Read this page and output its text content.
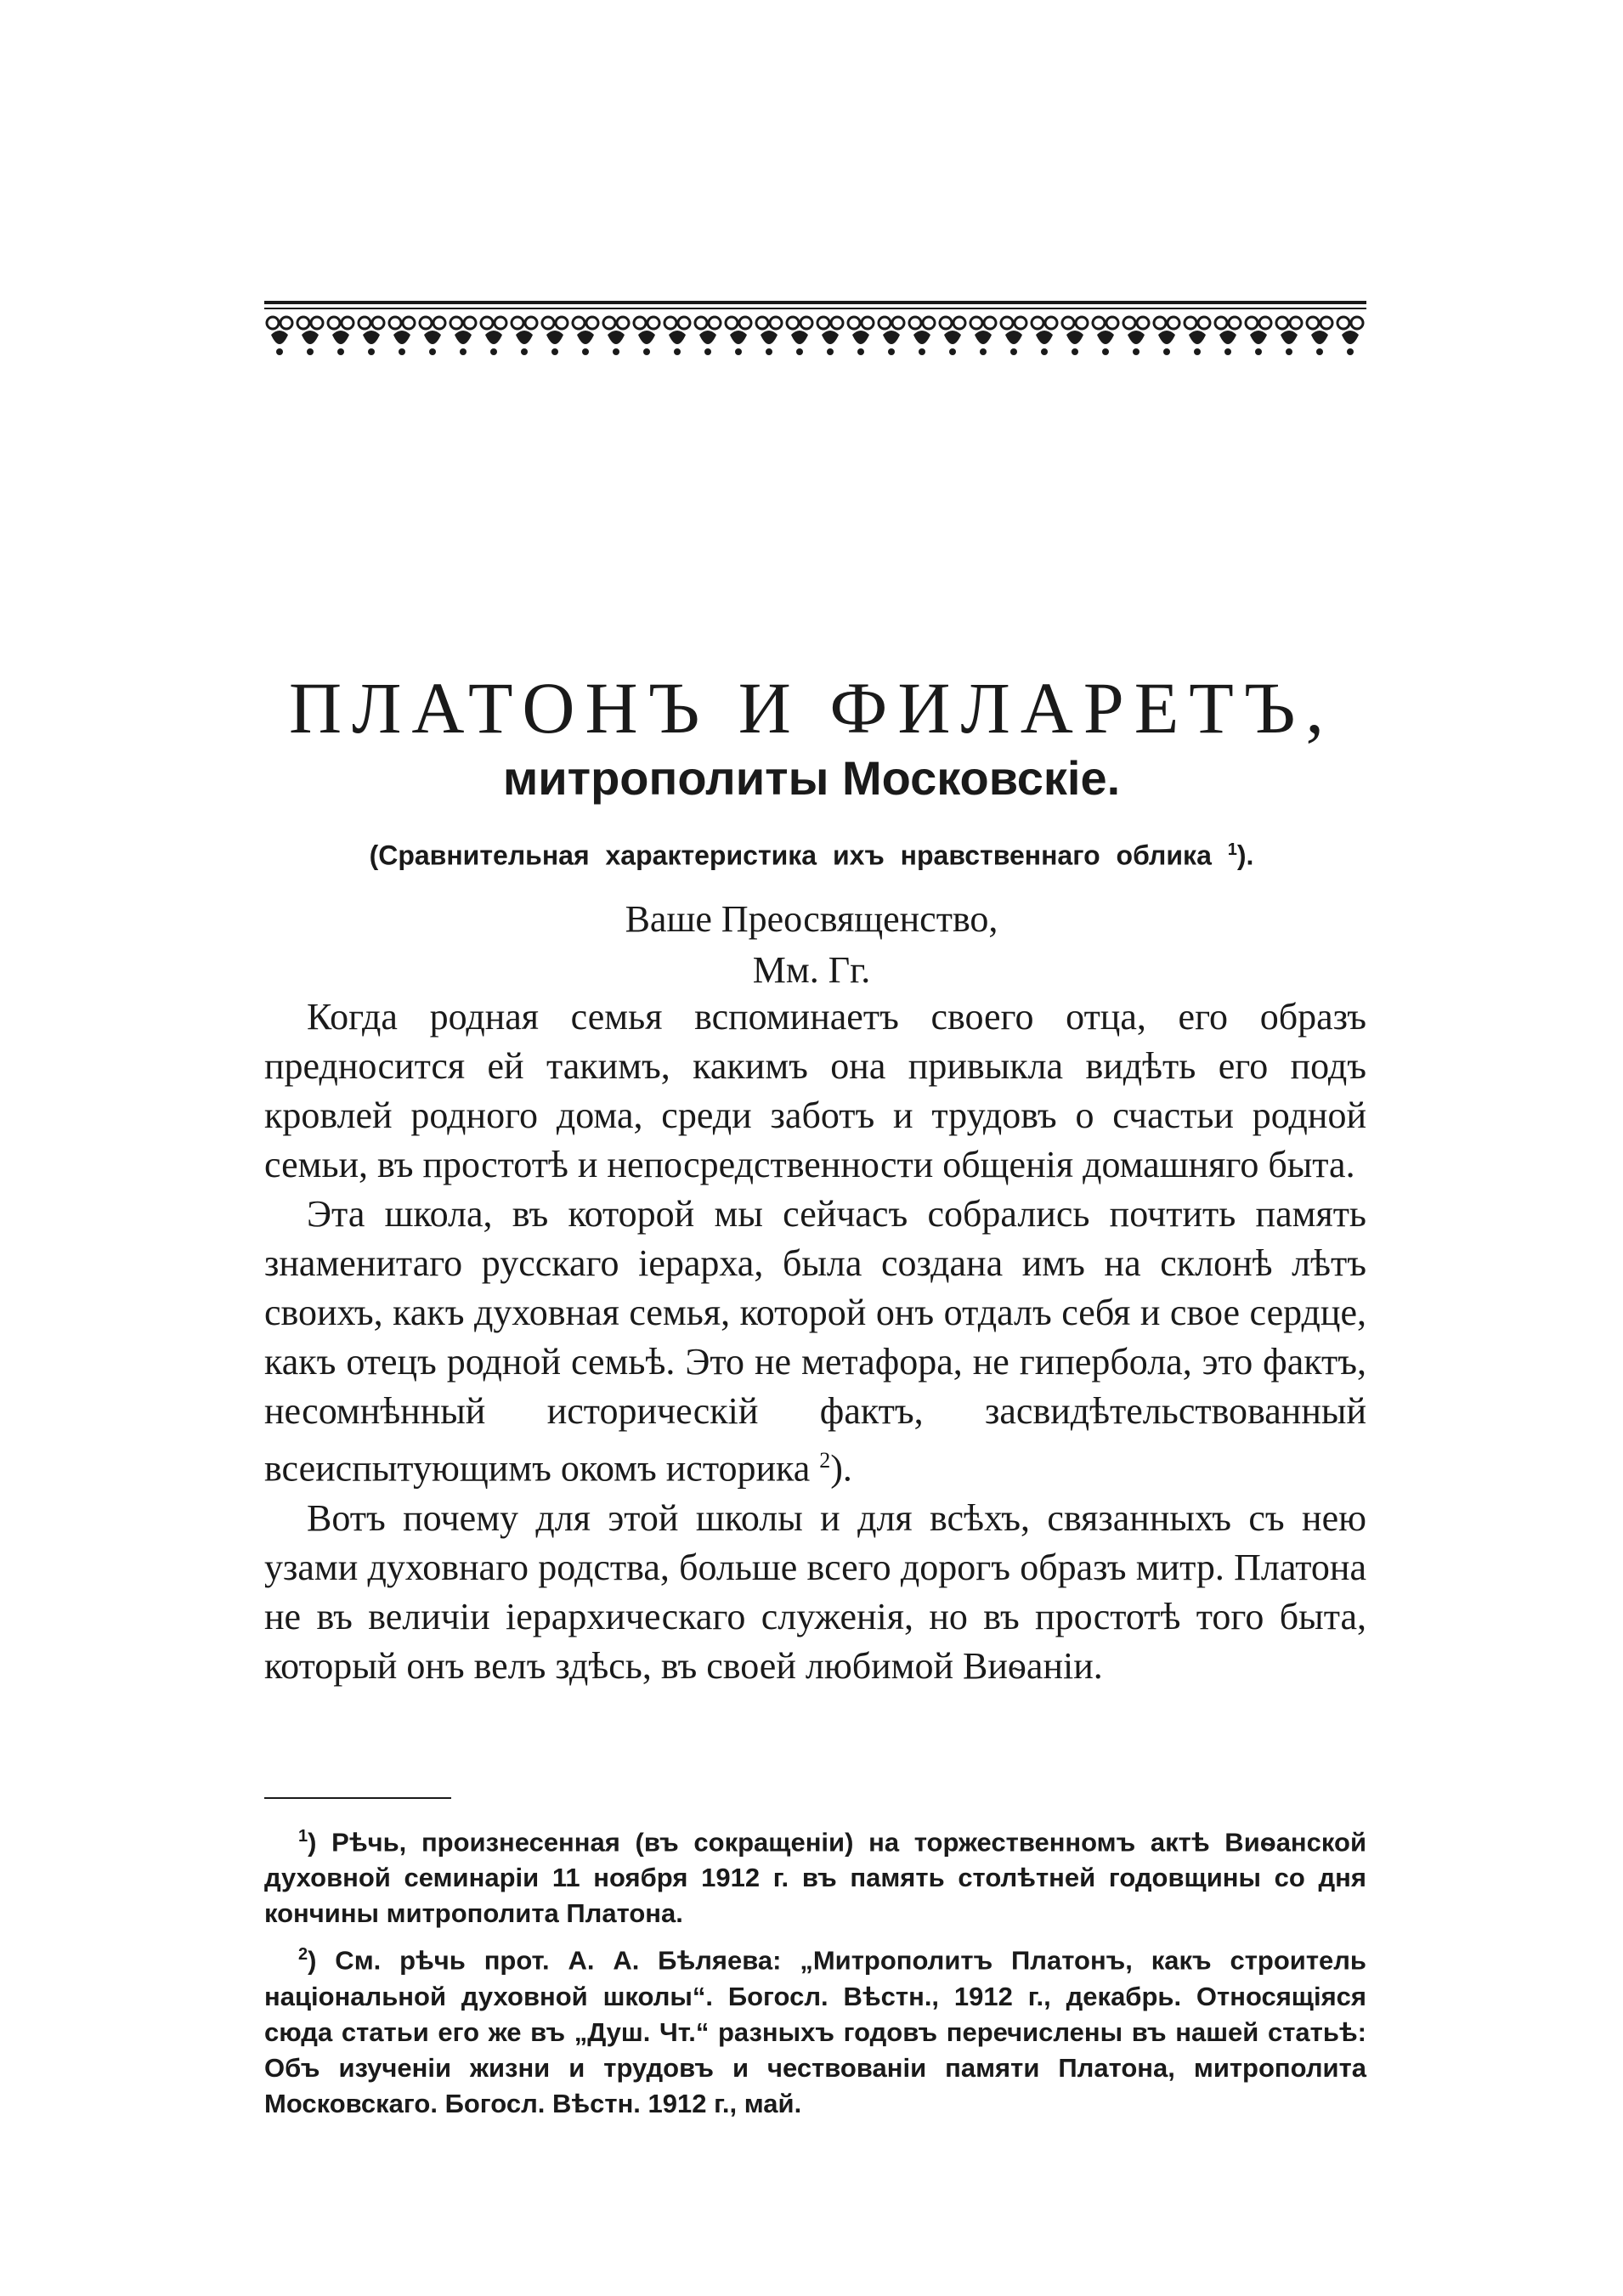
ПЛАТОНЪ И ФИЛАРЕТЪ,
митрополиты Московскіе.
(Сравнительная характеристика ихъ нравственнаго облика $^1$).
Ваше Преосвященство,
Мм. Гг.

Когда родная семья вспоминаетъ своего отца, его образъ предносится ей такимъ, какимъ она привыкла видѣть его подъ кровлей родного дома, среди заботъ и трудовъ о счастьи родной семьи, въ простотѣ и непосредственности общенія домашняго быта.

Эта школа, въ которой мы сейчасъ собрались почтить память знаменитаго русскаго іерарха, была создана имъ на склонѣ лѣтъ своихъ, какъ духовная семья, которой онъ отдалъ себя и свое сердце, какъ отецъ родной семьѣ. Это не метафора, не гипербола, это фактъ, несомнѣнный историческій фактъ, засвидѣтельствованный всеиспытующимъ окомъ историка $^2$).

Вотъ почему для этой школы и для всѣхъ, связанныхъ съ нею узами духовнаго родства, больше всего дорогъ образъ митр. Платона не въ величіи іерархическаго служенія, но въ простотѣ того быта, который онъ велъ здѣсь, въ своей любимой Виѳаніи.

$^1$) Рѣчь, произнесенная (въ сокращеніи) на торжественномъ актѣ Виѳанской духовной семинаріи 11 ноября 1912 г. въ память столѣтней годовщины со дня кончины митрополита Платона.

$^2$) См. рѣчь прот. А. А. Бѣляева: „Митрополитъ Платонъ, какъ строитель національной духовной школы“. Богосл. Вѣстн., 1912 г., декабрь. Относящіяся сюда статьи его же въ „Душ. Чт.“ разныхъ годовъ перечислены въ нашей статьѣ: Объ изученіи жизни и трудовъ и чествованіи памяти Платона, митрополита Московскаго. Богосл. Вѣстн. 1912 г., май.
